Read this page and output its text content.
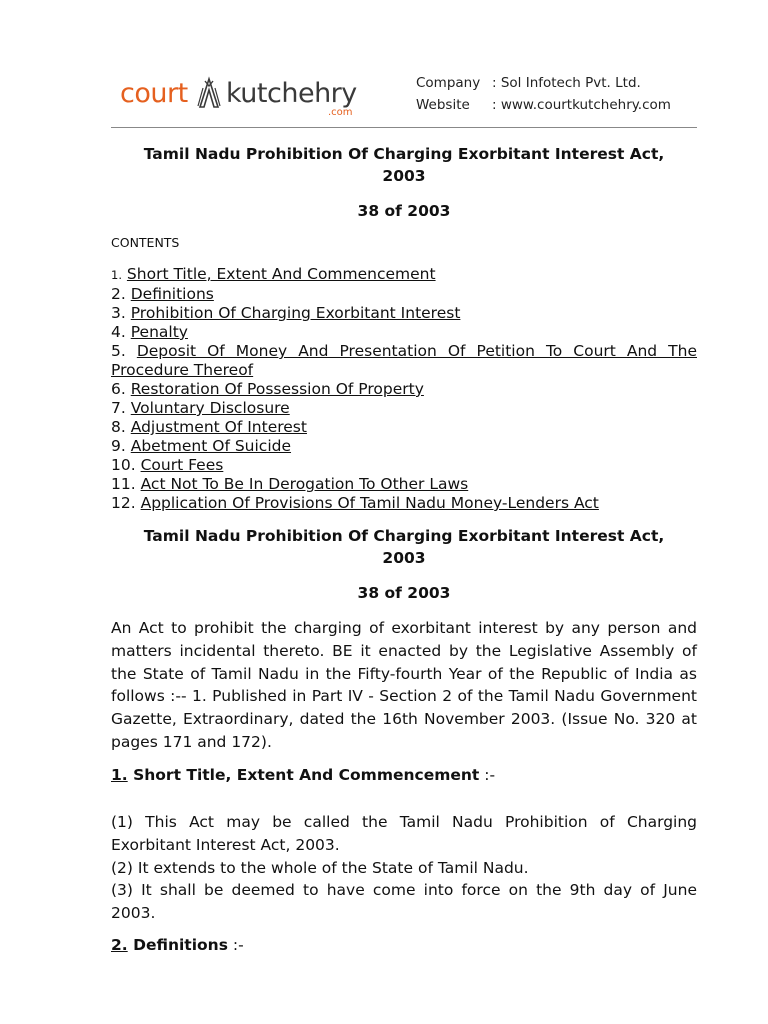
court kutchehry
.com
Company : Sol Infotech Pvt. Ltd.
Website : www.courtkutchehry.com
Tamil Nadu Prohibition Of Charging Exorbitant Interest Act,
2003
38 of 2003
CONTENTS
1. Short Title, Extent And Commencement
2. Definitions
3. Prohibition Of Charging Exorbitant Interest
4. Penalty
5. Deposit Of Money And Presentation Of Petition To Court And The Procedure Thereof
6. Restoration Of Possession Of Property
7. Voluntary Disclosure
8. Adjustment Of Interest
9. Abetment Of Suicide
10. Court Fees
11. Act Not To Be In Derogation To Other Laws
12. Application Of Provisions Of Tamil Nadu Money-Lenders Act
Tamil Nadu Prohibition Of Charging Exorbitant Interest Act,
2003
38 of 2003
An Act to prohibit the charging of exorbitant interest by any person and matters incidental thereto. BE it enacted by the Legislative Assembly of the State of Tamil Nadu in the Fifty-fourth Year of the Republic of India as follows :-- 1. Published in Part IV - Section 2 of the Tamil Nadu Government Gazette, Extraordinary, dated the 16th November 2003. (Issue No. 320 at pages 171 and 172).
1. Short Title, Extent And Commencement :-
(1) This Act may be called the Tamil Nadu Prohibition of Charging Exorbitant Interest Act, 2003.
(2) It extends to the whole of the State of Tamil Nadu.
(3) It shall be deemed to have come into force on the 9th day of June 2003.
2. Definitions :-
